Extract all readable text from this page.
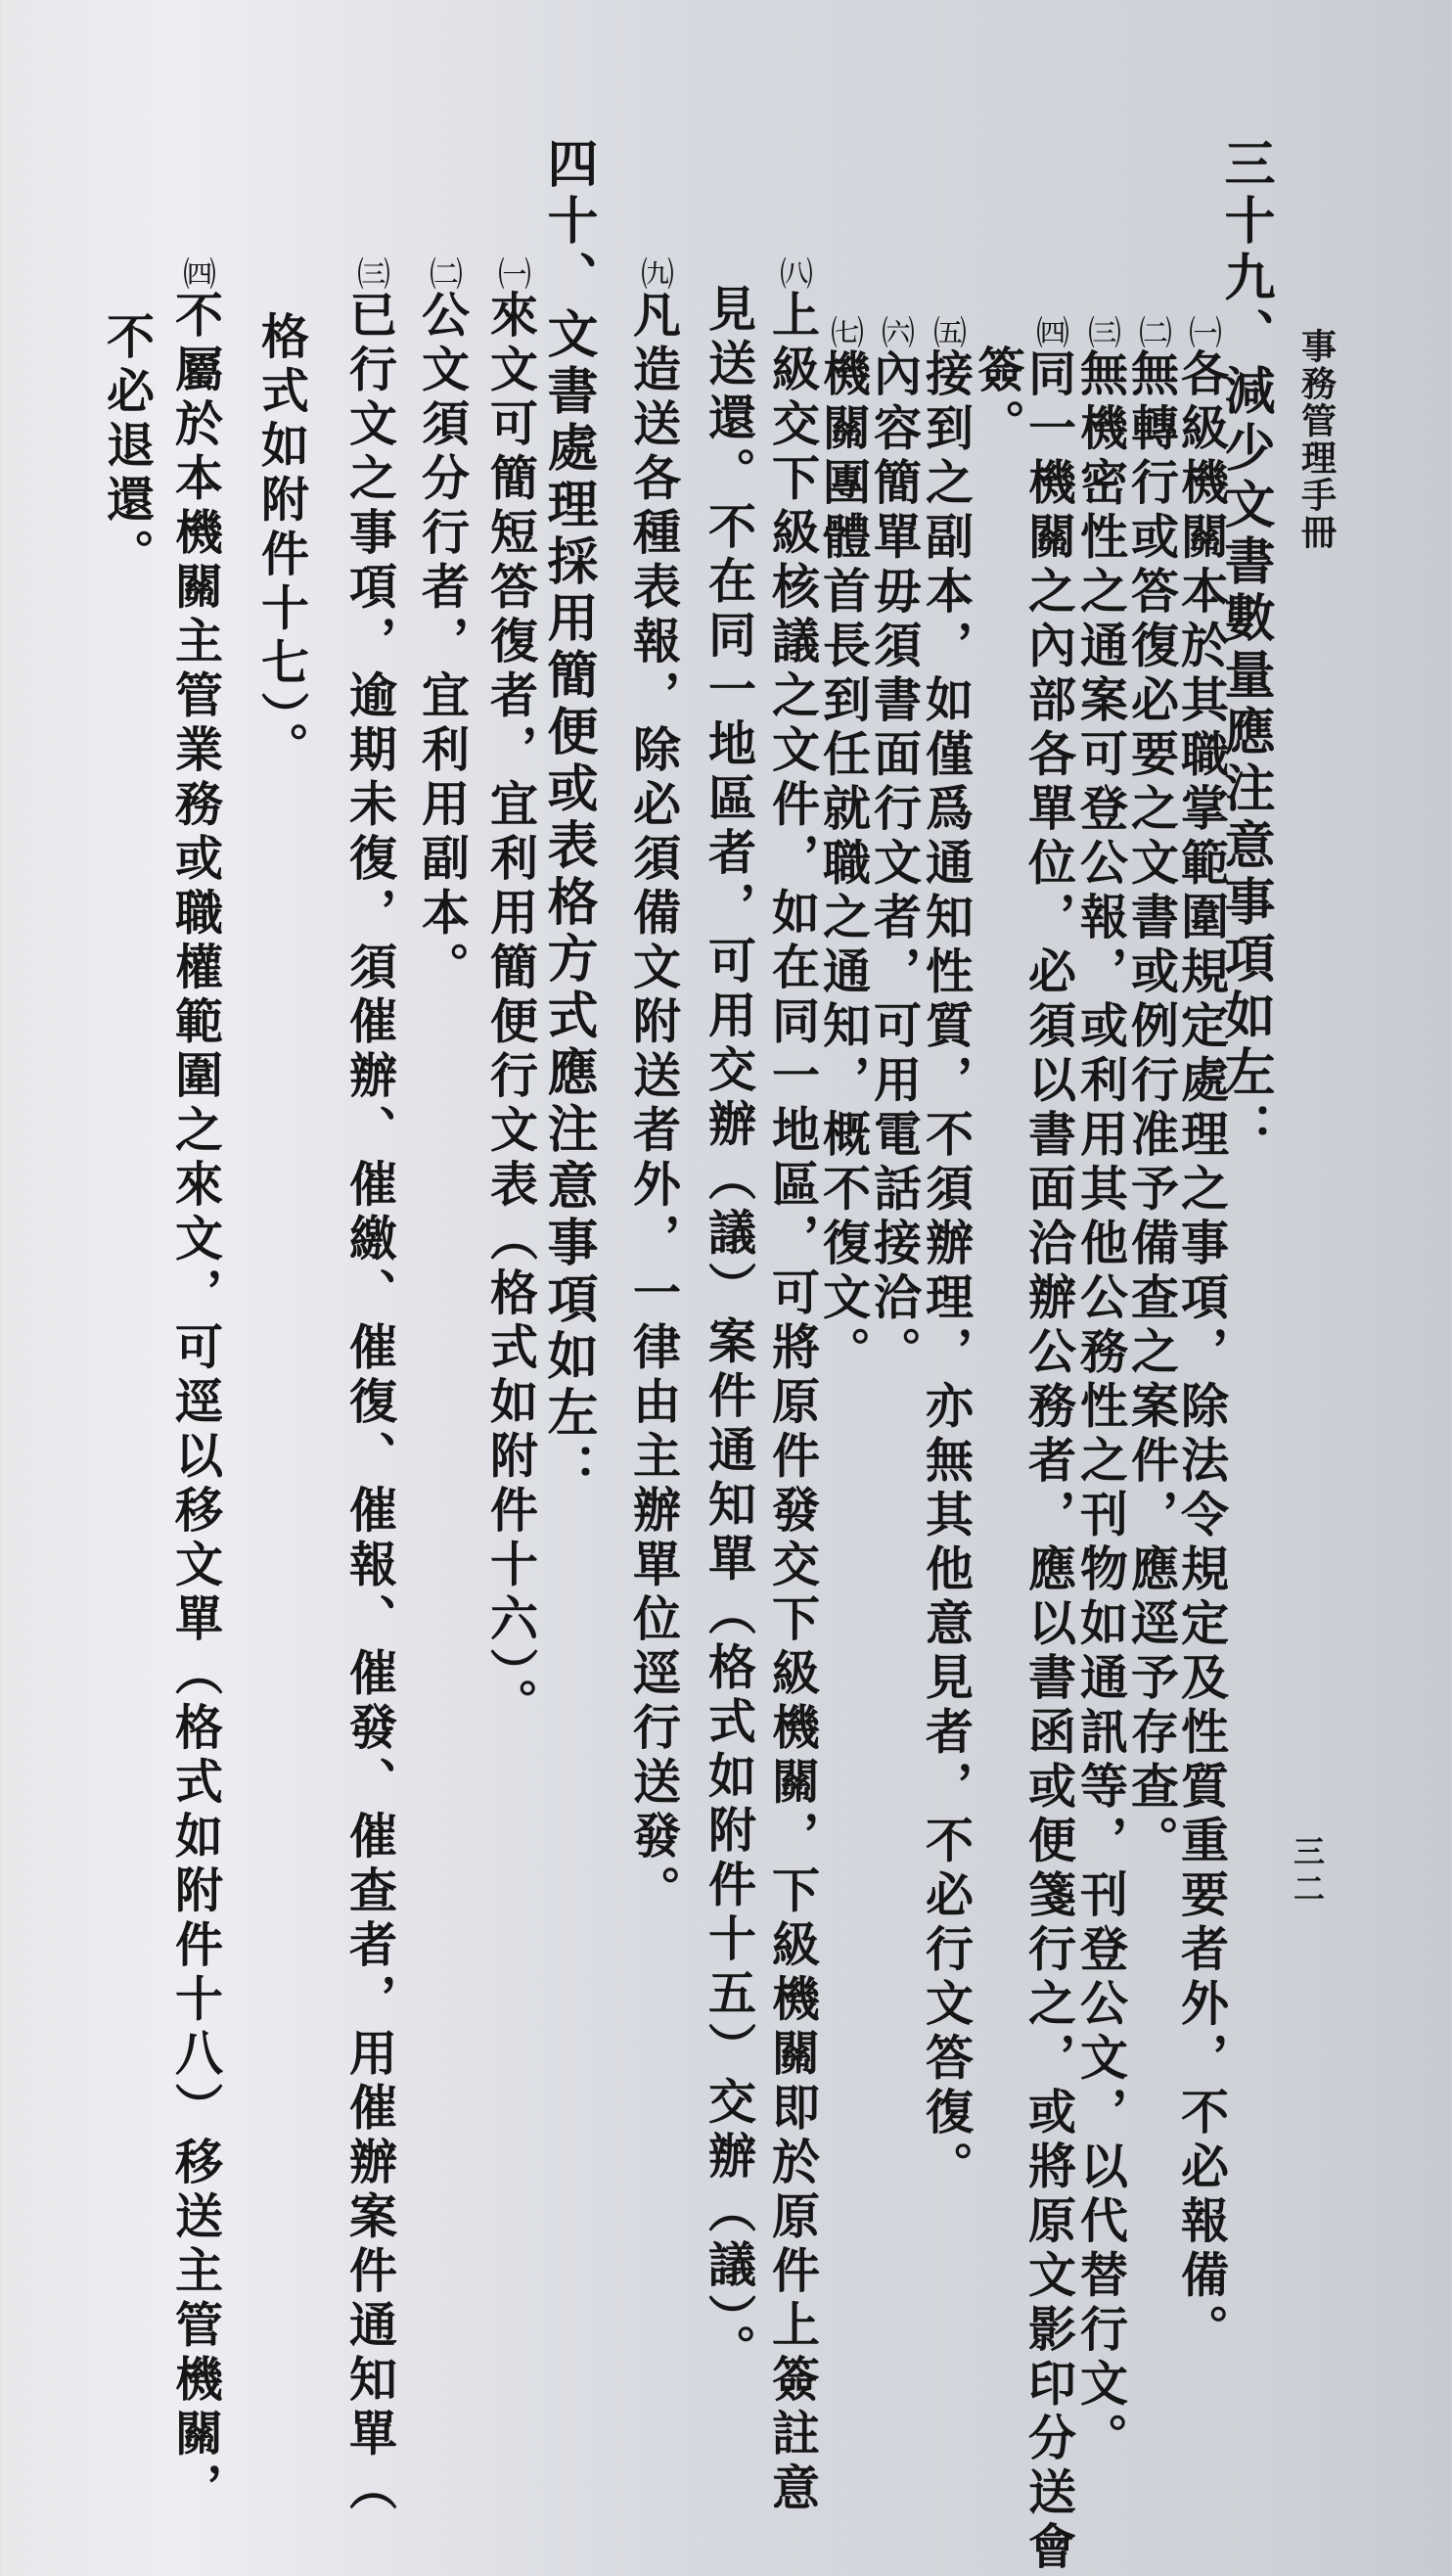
事務管理手冊
三二
三十九、減少文書數量應注意事項如左：
㈠各級機關本於其職掌範圍規定處理之事項，除法令規定及性質重要者外，不必報備。
㈡無轉行或答復必要之文書或例行准予備查之案件，應逕予存查。
㈢無機密性之通案可登公報，或利用其他公務性之刊物如通訊等，刊登公文，以代替行文。
㈣同一機關之內部各單位，必須以書面洽辦公務者，應以書函或便箋行之，或將原文影印分送會
簽。
㈤接到之副本，如僅爲通知性質，不須辦理，亦無其他意見者，不必行文答復。
㈥內容簡單毋須書面行文者，可用電話接洽。
㈦機關團體首長到任就職之通知，概不復文。
㈧上級交下級核議之文件，如在同一地區，可將原件發交下級機關，下級機關即於原件上簽註意
見送還。不在同一地區者，可用交辦（議）案件通知單（格式如附件十五）交辦（議）。
㈨凡造送各種表報，除必須備文附送者外，一律由主辦單位逕行送發。
四十、文書處理採用簡便或表格方式應注意事項如左：
㈠來文可簡短答復者，宜利用簡便行文表（格式如附件十六）。
㈡公文須分行者，宜利用副本。
㈢已行文之事項，逾期未復，須催辦、催繳、催復、催報、催發、催查者，用催辦案件通知單（
格式如附件十七）。
㈣不屬於本機關主管業務或職權範圍之來文，可逕以移文單（格式如附件十八）移送主管機關，
不必退還。
